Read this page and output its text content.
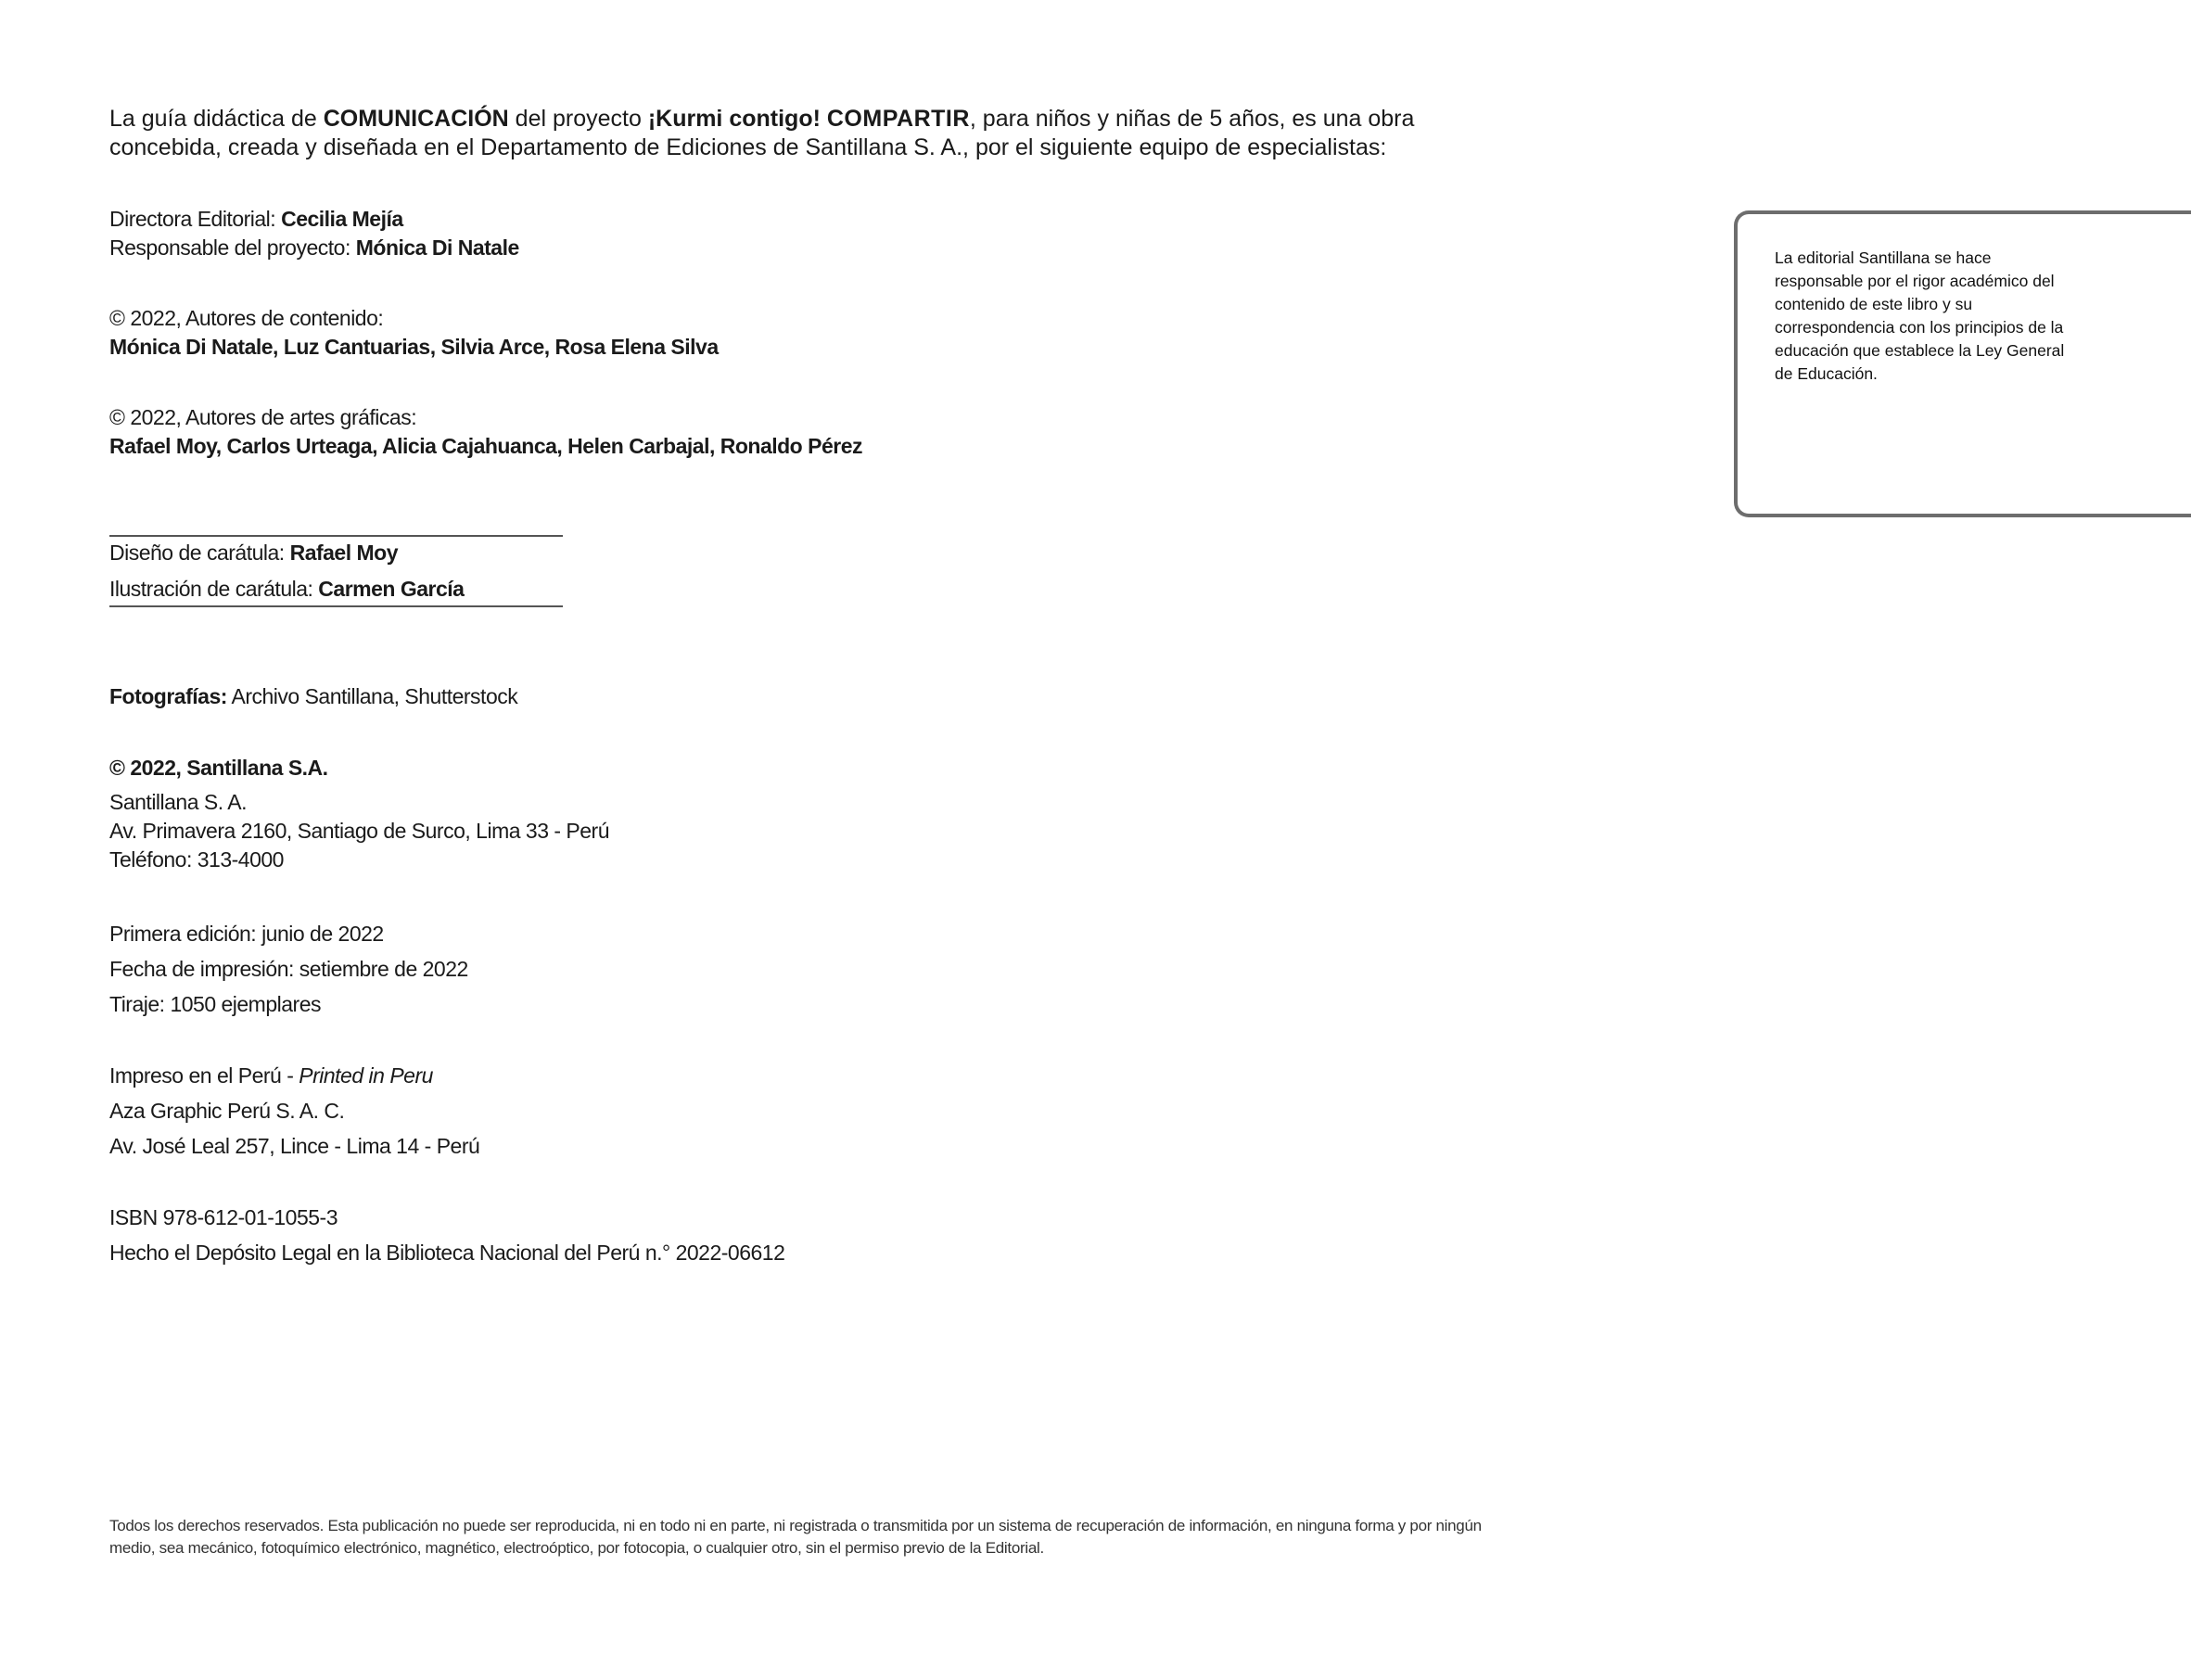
La guía didáctica de COMUNICACIÓN del proyecto ¡Kurmi contigo! COMPARTIR, para niños y niñas de 5 años, es una obra concebida, creada y diseñada en el Departamento de Ediciones de Santillana S. A., por el siguiente equipo de especialistas:

Directora Editorial: Cecilia Mejía

Responsable del proyecto: Mónica Di Natale

© 2022, Autores de contenido:

Mónica Di Natale, Luz Cantuarias, Silvia Arce, Rosa Elena Silva

© 2022, Autores de artes gráficas:

Rafael Moy, Carlos Urteaga, Alicia Cajahuanca, Helen Carbajal, Ronaldo Pérez

Diseño de carátula: Rafael Moy

Ilustración de carátula: Carmen García

Fotografías: Archivo Santillana, Shutterstock

© 2022, Santillana S.A.

Santillana S. A.

Av. Primavera 2160, Santiago de Surco, Lima 33 - Perú

Teléfono: 313-4000

Primera edición: junio de 2022

Fecha de impresión: setiembre de 2022

Tiraje: 1050 ejemplares

Impreso en el Perú - Printed in Peru

Aza Graphic Perú S. A. C.

Av. José Leal 257, Lince - Lima 14 - Perú

ISBN 978-612-01-1055-3

Hecho el Depósito Legal en la Biblioteca Nacional del Perú n.° 2022-06612

La editorial Santillana se hace responsable por el rigor académico del contenido de este libro y su correspondencia con los principios de la educación que establece la Ley General de Educación.

Todos los derechos reservados. Esta publicación no puede ser reproducida, ni en todo ni en parte, ni registrada o transmitida por un sistema de recuperación de información, en ninguna forma y por ningún medio, sea mecánico, fotoquímico electrónico, magnético, electroóptico, por fotocopia, o cualquier otro, sin el permiso previo de la Editorial.
